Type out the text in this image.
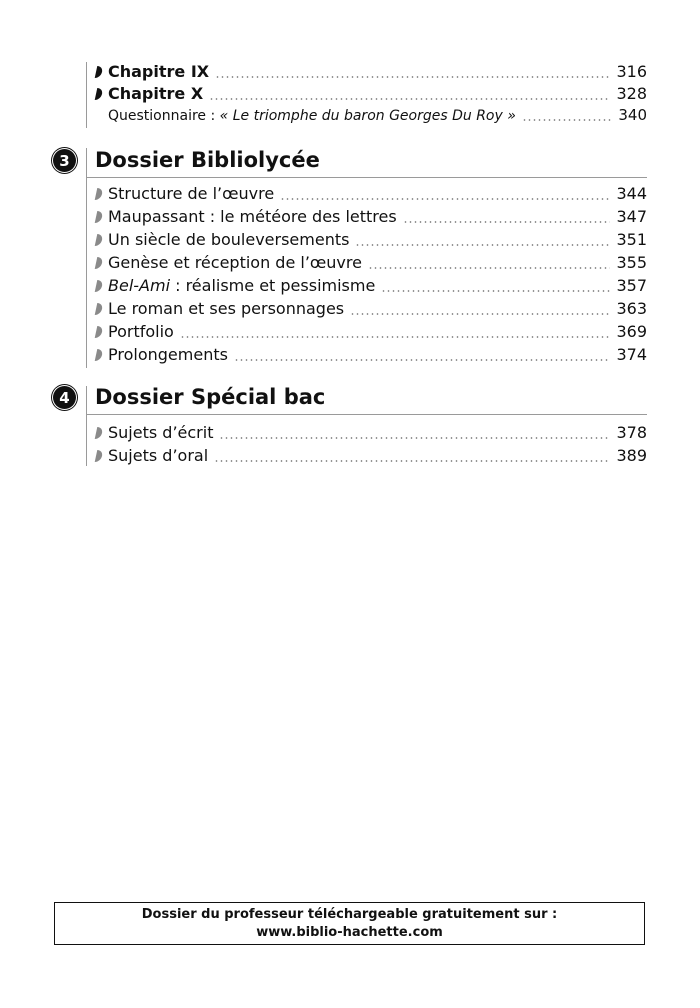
Chapitre IX	316
Chapitre X	328
Questionnaire : « Le triomphe du baron Georges Du Roy »	340
3 Dossier Bibliolycée
Structure de l’œuvre	344
Maupassant : le météore des lettres	347
Un siècle de bouleversements	351
Genèse et réception de l’œuvre	355
Bel-Ami : réalisme et pessimisme	357
Le roman et ses personnages	363
Portfolio	369
Prolongements	374
4 Dossier Spécial bac
Sujets d’écrit	378
Sujets d’oral	389
Dossier du professeur téléchargeable gratuitement sur :
www.biblio-hachette.com
